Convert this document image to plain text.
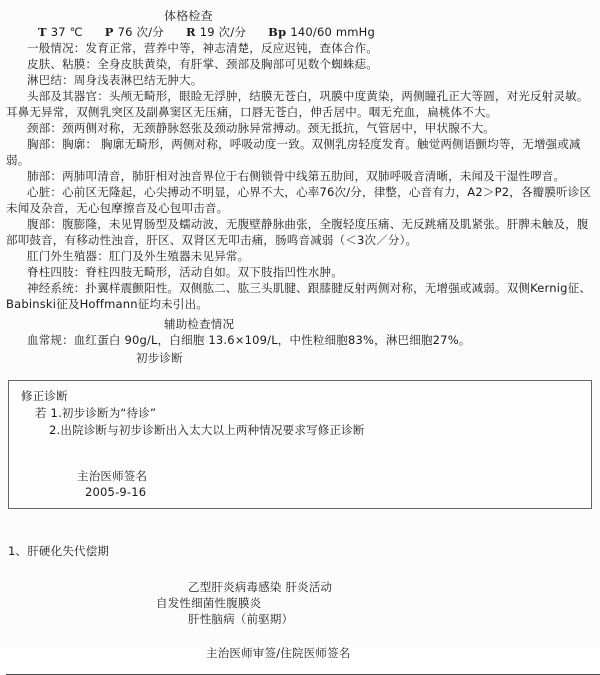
体格检查
T 37 ℃ P 76 次/分 R 19 次/分 Bp 140/60 mmHg

一般情况：发育正常，营养中等，神志清楚，反应迟钝，查体合作。

皮肤、粘膜：全身皮肤黄染，有肝掌、颈部及胸部可见数个蜘蛛痣。

淋巴结：周身浅表淋巴结无肿大。

头部及其器官：头颅无畸形，眼睑无浮肿，结膜无苍白，巩膜中度黄染，两侧瞳孔正大等圆，对光反射灵敏。耳鼻无异常，双侧乳突区及副鼻窦区无压痛，口唇无苍白，伸舌居中。咽无充血，扁桃体不大。

颈部：颈两侧对称，无颈静脉怒张及颈动脉异常搏动。颈无抵抗，气管居中，甲状腺不大。

胸部：胸廓： 胸廓无畸形，两侧对称，呼吸动度一致。双侧乳房轻度发育。触觉两侧语颤均等，无增强或减弱。

肺部：两肺叩清音，肺肝相对浊音界位于右侧锁骨中线第五肋间，双肺呼吸音清晰，未闻及干湿性啰音。

心脏：心前区无隆起，心尖搏动不明显，心界不大，心率76次/分，律整，心音有力，A2＞P2，各瓣膜听诊区未闻及杂音，无心包摩擦音及心包叩击音。

腹部：腹膨隆，未见胃肠型及蠕动波，无腹壁静脉曲张，全腹轻度压痛、无反跳痛及肌紧张。肝脾未触及，腹部叩鼓音，有移动性浊音，肝区、双肾区无叩击痛，肠鸣音减弱（＜3次／分）。

肛门外生殖器：肛门及外生殖器未见异常。

脊柱四肢：脊柱四肢无畸形，活动自如。双下肢指凹性水肿。

神经系统：扑翼样震颤阳性。双侧肱二、肱三头肌腱、跟膝腱反射两侧对称，无增强或减弱。双侧Kernig征、Babinski征及Hoffmann征均未引出。

辅助检查情况
血常规：血红蛋白 90g/L，白细胞 13.6×109/L，中性粒细胞83%，淋巴细胞27%。
初步诊断
修正诊断
若 1.初步诊断为“待诊”
2.出院诊断与初步诊断出入太大以上两种情况要求写修正诊断
主治医师签名
2005-9-16
1、肝硬化失代偿期
乙型肝炎病毒感染 肝炎活动
自发性细菌性腹膜炎
肝性脑病（前驱期）
主治医师审签/住院医师签名
